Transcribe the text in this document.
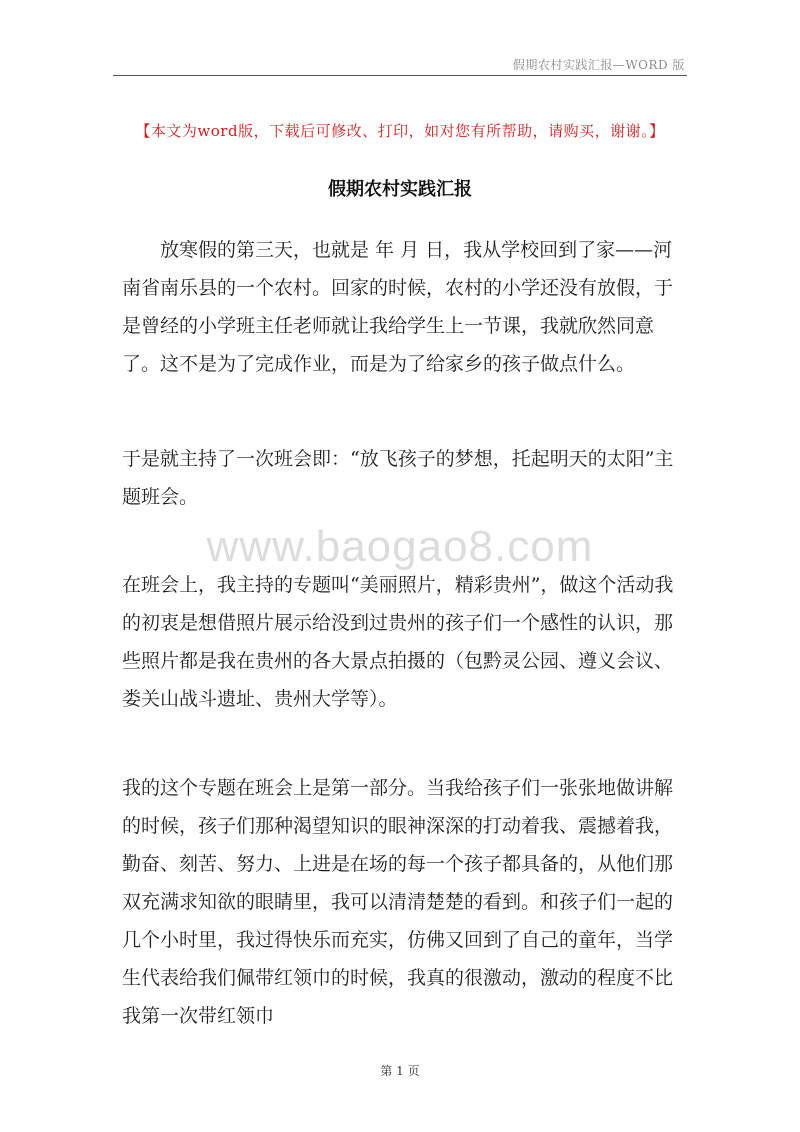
假期农村实践汇报—WORD 版
【本文为word版，下载后可修改、打印，如对您有所帮助，请购买，谢谢。】
假期农村实践汇报

放寒假的第三天，也就是 年 月 日，我从学校回到了家——河南省南乐县的一个农村。回家的时候，农村的小学还没有放假，于是曾经的小学班主任老师就让我给学生上一节课，我就欣然同意了。这不是为了完成作业，而是为了给家乡的孩子做点什么。

于是就主持了一次班会即：“放飞孩子的梦想，托起明天的太阳”主题班会。

www.baogao8.com

在班会上，我主持的专题叫“美丽照片，精彩贵州”，做这个活动我的初衷是想借照片展示给没到过贵州的孩子们一个感性的认识，那些照片都是我在贵州的各大景点拍摄的（包黔灵公园、遵义会议、娄关山战斗遗址、贵州大学等）。

我的这个专题在班会上是第一部分。当我给孩子们一张张地做讲解的时候，孩子们那种渴望知识的眼神深深的打动着我、震撼着我，勤奋、刻苦、努力、上进是在场的每一个孩子都具备的，从他们那双充满求知欲的眼睛里，我可以清清楚楚的看到。和孩子们一起的几个小时里，我过得快乐而充实，仿佛又回到了自己的童年，当学生代表给我们佩带红领巾的时候，我真的很激动，激动的程度不比我第一次带红领巾

第 1 页
